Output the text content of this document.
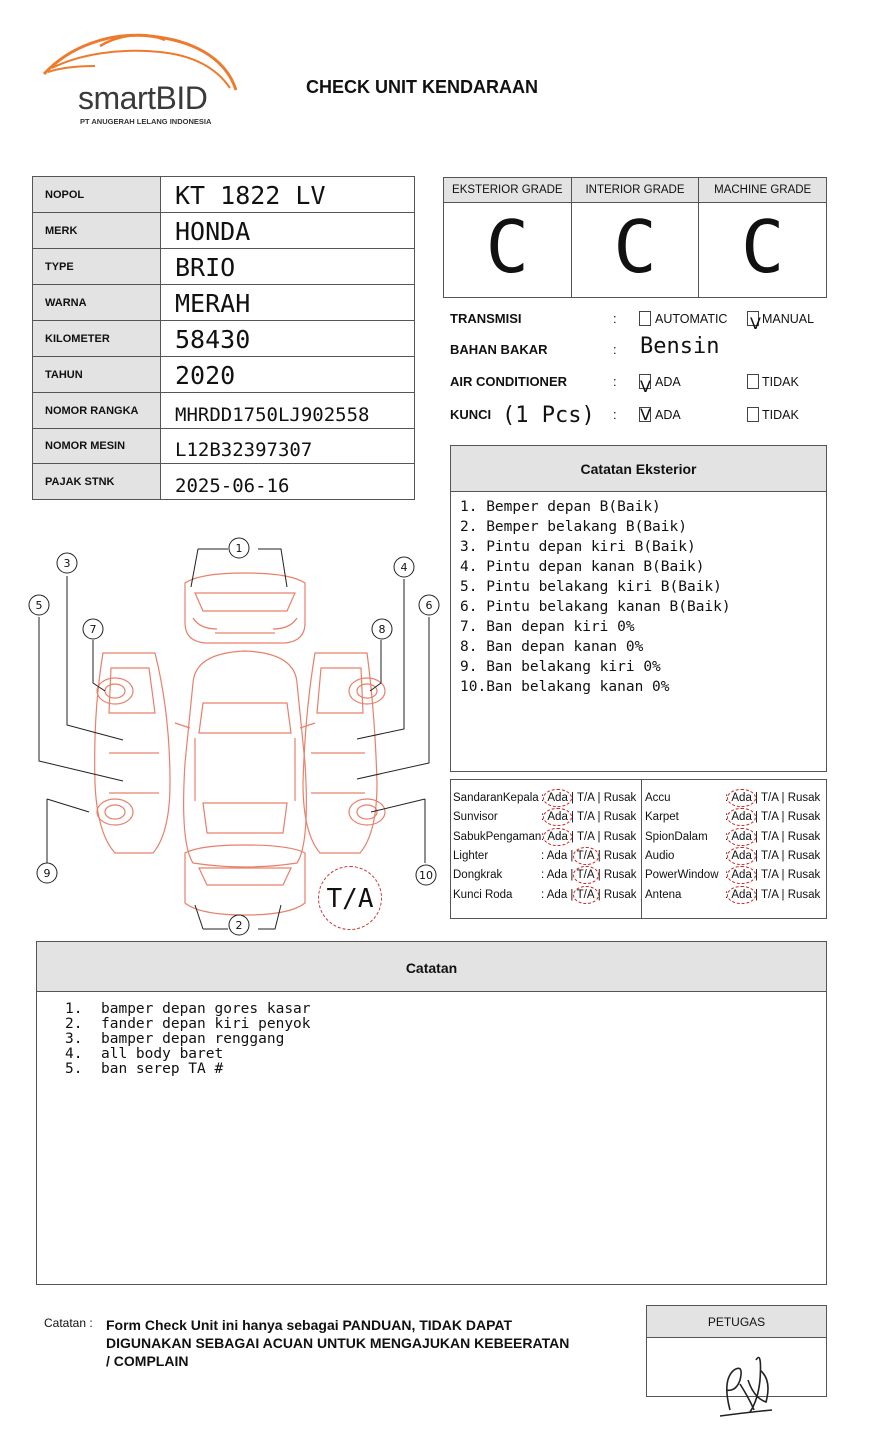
smartBID
PT ANUGERAH LELANG INDONESIA
CHECK UNIT KENDARAAN
NOPOL	KT 1822 LV
MERK	HONDA
TYPE	BRIO
WARNA	MERAH
KILOMETER	58430
TAHUN	2020
NOMOR RANGKA	MHRDD1750LJ902558
NOMOR MESIN	L12B32397307
PAJAK STNK	2025-06-16
EKSTERIOR GRADE
C
INTERIOR GRADE
C
MACHINE GRADE
C
TRANSMISI	:	AUTOMATIC V MANUAL
BAHAN BAKAR	: Bensin
AIR CONDITIONER	: V ADA	TIDAK
KUNCI (1 Pcs) : V ADA	TIDAK
Catatan Eksterior
1. Bemper depan B(Baik)
2. Bemper belakang B(Baik)
3. Pintu depan kiri B(Baik)
4. Pintu depan kanan B(Baik)
5. Pintu belakang kiri B(Baik)
6. Pintu belakang kanan B(Baik)
7. Ban depan kiri 0%
8. Ban depan kanan 0%
9. Ban belakang kiri 0%
10.Ban belakang kanan 0%
SandaranKepala : Ada | T/A | Rusak
Sunvisor	: Ada | T/A | Rusak
SabukPengaman : Ada | T/A | Rusak
Lighter	: Ada | T/A | Rusak
Dongkrak	: Ada | T/A | Rusak
Kunci Roda : Ada | T/A | Rusak
Accu	: Ada | T/A | Rusak
Karpet	: Ada | T/A | Rusak
SpionDalam : Ada | T/A | Rusak
Audio	: Ada | T/A | Rusak
PowerWindow : Ada | T/A | Rusak
Antena	: Ada | T/A | Rusak
1
2
3	4
5	6
7	8
9	10
T/A
Catatan
1. bamper depan gores kasar
2. fander depan kiri penyok
3. bamper depan renggang
4. all body baret
5. ban serep TA #
Catatan : Form Check Unit ini hanya sebagai PANDUAN, TIDAK DAPAT DIGUNAKAN SEBAGAI ACUAN UNTUK MENGAJUKAN KEBEERATAN / COMPLAIN
PETUGAS
